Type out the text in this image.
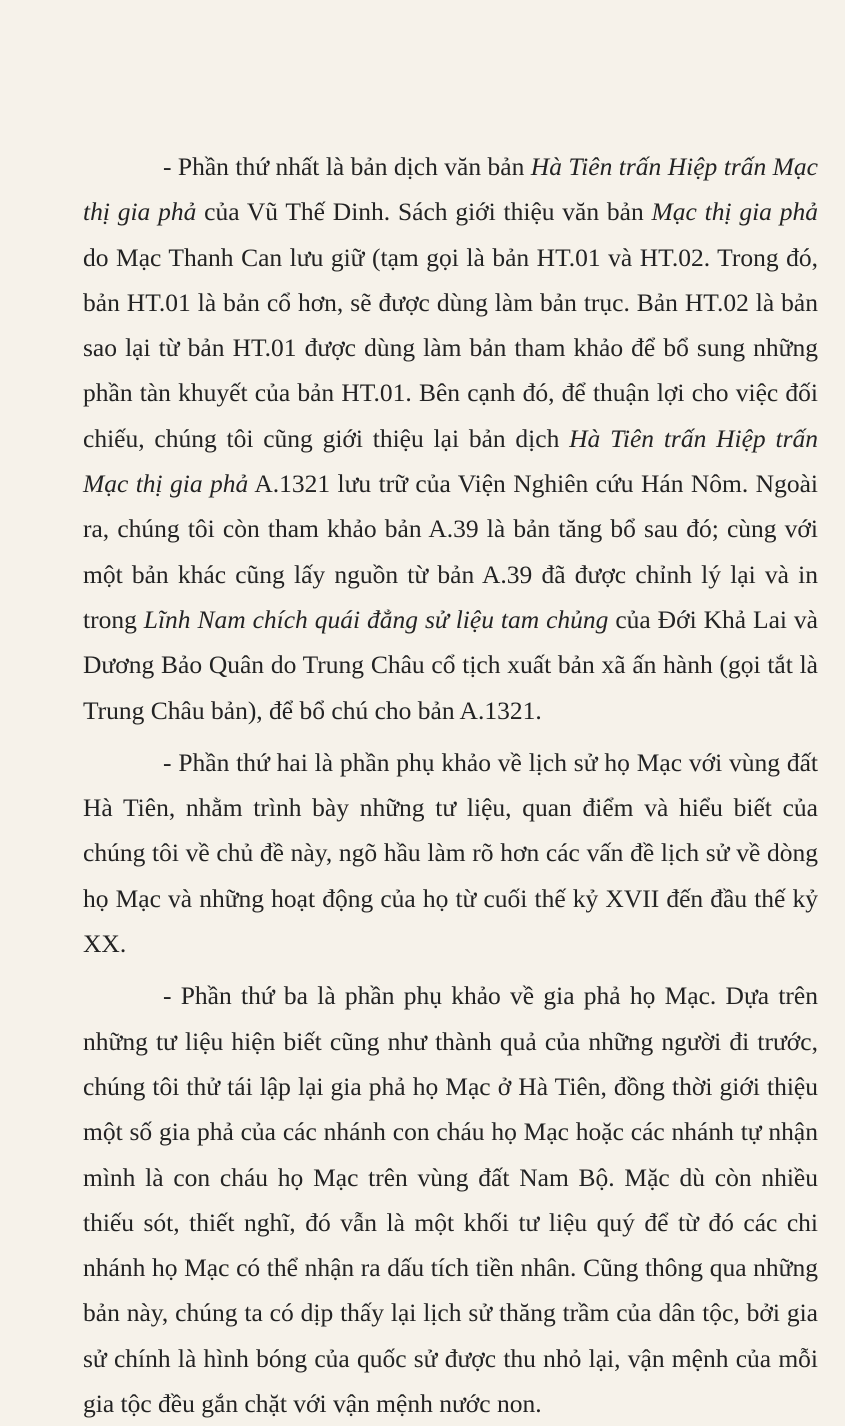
- Phần thứ nhất là bản dịch văn bản Hà Tiên trấn Hiệp trấn Mạc thị gia phả của Vũ Thế Dinh. Sách giới thiệu văn bản Mạc thị gia phả do Mạc Thanh Can lưu giữ (tạm gọi là bản HT.01 và HT.02. Trong đó, bản HT.01 là bản cổ hơn, sẽ được dùng làm bản trục. Bản HT.02 là bản sao lại từ bản HT.01 được dùng làm bản tham khảo để bổ sung những phần tàn khuyết của bản HT.01. Bên cạnh đó, để thuận lợi cho việc đối chiếu, chúng tôi cũng giới thiệu lại bản dịch Hà Tiên trấn Hiệp trấn Mạc thị gia phả A.1321 lưu trữ của Viện Nghiên cứu Hán Nôm. Ngoài ra, chúng tôi còn tham khảo bản A.39 là bản tăng bổ sau đó; cùng với một bản khác cũng lấy nguồn từ bản A.39 đã được chỉnh lý lại và in trong Lĩnh Nam chích quái đẳng sử liệu tam chủng của Đới Khả Lai và Dương Bảo Quân do Trung Châu cổ tịch xuất bản xã ấn hành (gọi tắt là Trung Châu bản), để bổ chú cho bản A.1321.

- Phần thứ hai là phần phụ khảo về lịch sử họ Mạc với vùng đất Hà Tiên, nhằm trình bày những tư liệu, quan điểm và hiểu biết của chúng tôi về chủ đề này, ngõ hầu làm rõ hơn các vấn đề lịch sử về dòng họ Mạc và những hoạt động của họ từ cuối thế kỷ XVII đến đầu thế kỷ XX.

- Phần thứ ba là phần phụ khảo về gia phả họ Mạc. Dựa trên những tư liệu hiện biết cũng như thành quả của những người đi trước, chúng tôi thử tái lập lại gia phả họ Mạc ở Hà Tiên, đồng thời giới thiệu một số gia phả của các nhánh con cháu họ Mạc hoặc các nhánh tự nhận mình là con cháu họ Mạc trên vùng đất Nam Bộ. Mặc dù còn nhiều thiếu sót, thiết nghĩ, đó vẫn là một khối tư liệu quý để từ đó các chi nhánh họ Mạc có thể nhận ra dấu tích tiền nhân. Cũng thông qua những bản này, chúng ta có dịp thấy lại lịch sử thăng trầm của dân tộc, bởi gia sử chính là hình bóng của quốc sử được thu nhỏ lại, vận mệnh của mỗi gia tộc đều gắn chặt với vận mệnh nước non.
